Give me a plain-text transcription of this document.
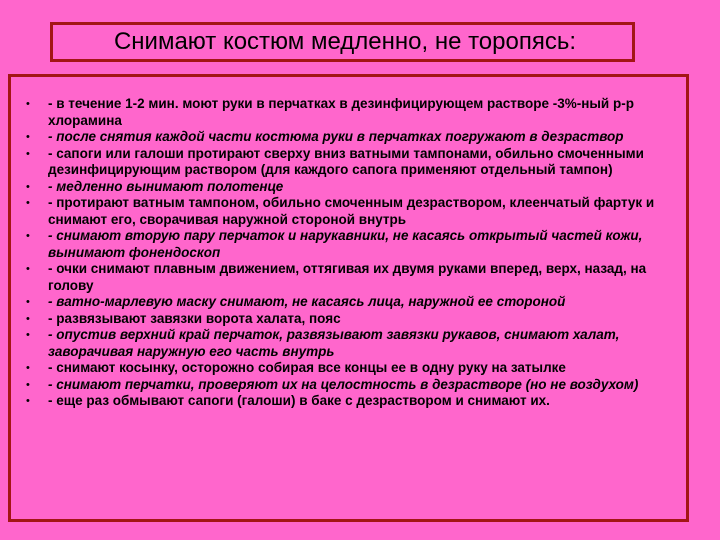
Снимают костюм медленно, не торопясь:
• - в течение 1-2 мин. моют руки в перчатках в дезинфицирующем растворе -3%-ный р-р хлорамина
• - после снятия каждой части костюма руки в перчатках погружают в дезраствор
• - сапоги или галоши протирают сверху вниз ватными тампонами, обильно смоченными дезинфицирующим раствором (для каждого сапога применяют отдельный тампон)
• - медленно вынимают полотенце
• - протирают ватным тампоном, обильно смоченным дезраствором, клеенчатый фартук и снимают его, сворачивая наружной стороной внутрь
• - снимают вторую пару перчаток и нарукавники, не касаясь открытый частей кожи, вынимают фонендоскоп
• - очки снимают плавным движением, оттягивая их двумя руками вперед, верх, назад, на голову
• - ватно-марлевую маску снимают, не касаясь лица, наружной ее стороной
• - развязывают завязки ворота халата, пояс
• - опустив верхний край перчаток, развязывают завязки рукавов, снимают халат, заворачивая наружную его часть внутрь
• - снимают косынку, осторожно собирая все концы ее в одну руку на затылке
• - снимают перчатки, проверяют их на целостность в дезрастворе (но не воздухом)
• - еще раз обмывают сапоги (галоши) в баке с дезраствором и снимают их.
